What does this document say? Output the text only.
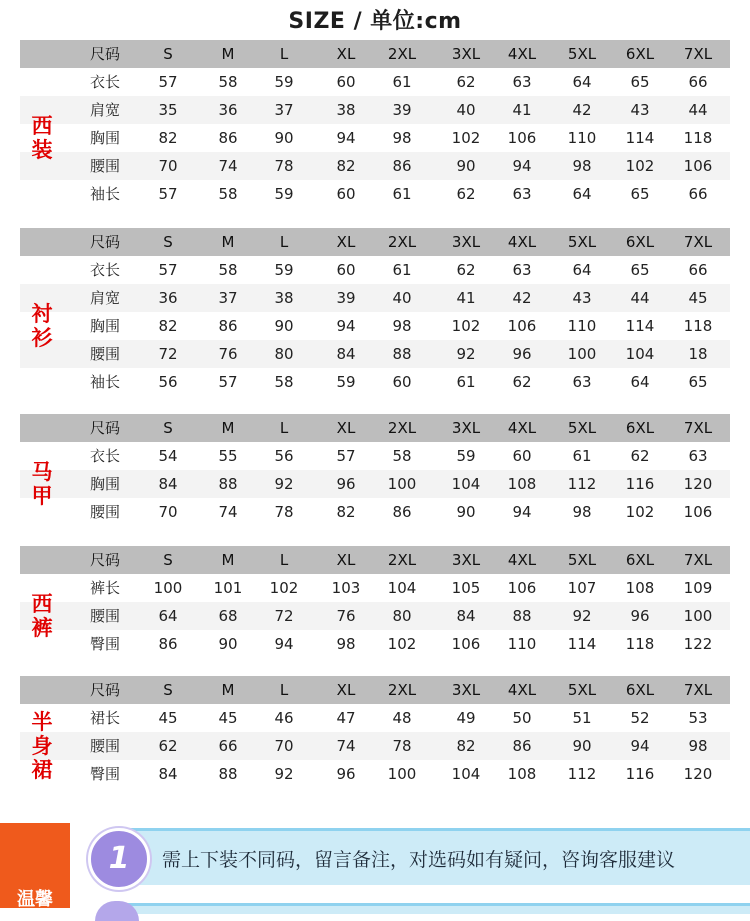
SIZE / 单位:cm
尺码	S	M	L	XL	2XL	3XL	4XL	5XL	6XL	7XL
衣长	57	58	59	60	61	62	63	64	65	66
肩宽	35	36	37	38	39	40	41	42	43	44
胸围	82	86	90	94	98	102	106	110	114	118
腰围	70	74	78	82	86	90	94	98	102	106
袖长	57	58	59	60	61	62	63	64	65	66
西
装
尺码	S	M	L	XL	2XL	3XL	4XL	5XL	6XL	7XL
衣长	57	58	59	60	61	62	63	64	65	66
肩宽	36	37	38	39	40	41	42	43	44	45
胸围	82	86	90	94	98	102	106	110	114	118
腰围	72	76	80	84	88	92	96	100	104	18
袖长	56	57	58	59	60	61	62	63	64	65
衬
衫
尺码	S	M	L	XL	2XL	3XL	4XL	5XL	6XL	7XL
衣长	54	55	56	57	58	59	60	61	62	63
胸围	84	88	92	96	100	104	108	112	116	120
腰围	70	74	78	82	86	90	94	98	102	106
马
甲
尺码	S	M	L	XL	2XL	3XL	4XL	5XL	6XL	7XL
裤长	100	101	102	103	104	105	106	107	108	109
腰围	64	68	72	76	80	84	88	92	96	100
臀围	86	90	94	98	102	106	110	114	118	122
西
裤
尺码	S	M	L	XL	2XL	3XL	4XL	5XL	6XL	7XL
裙长	45	45	46	47	48	49	50	51	52	53
腰围	62	66	70	74	78	82	86	90	94	98
臀围	84	88	92	96	100	104	108	112	116	120
半
身
裙
温馨
需上下装不同码，留言备注，对选码如有疑问，咨询客服建议
1
